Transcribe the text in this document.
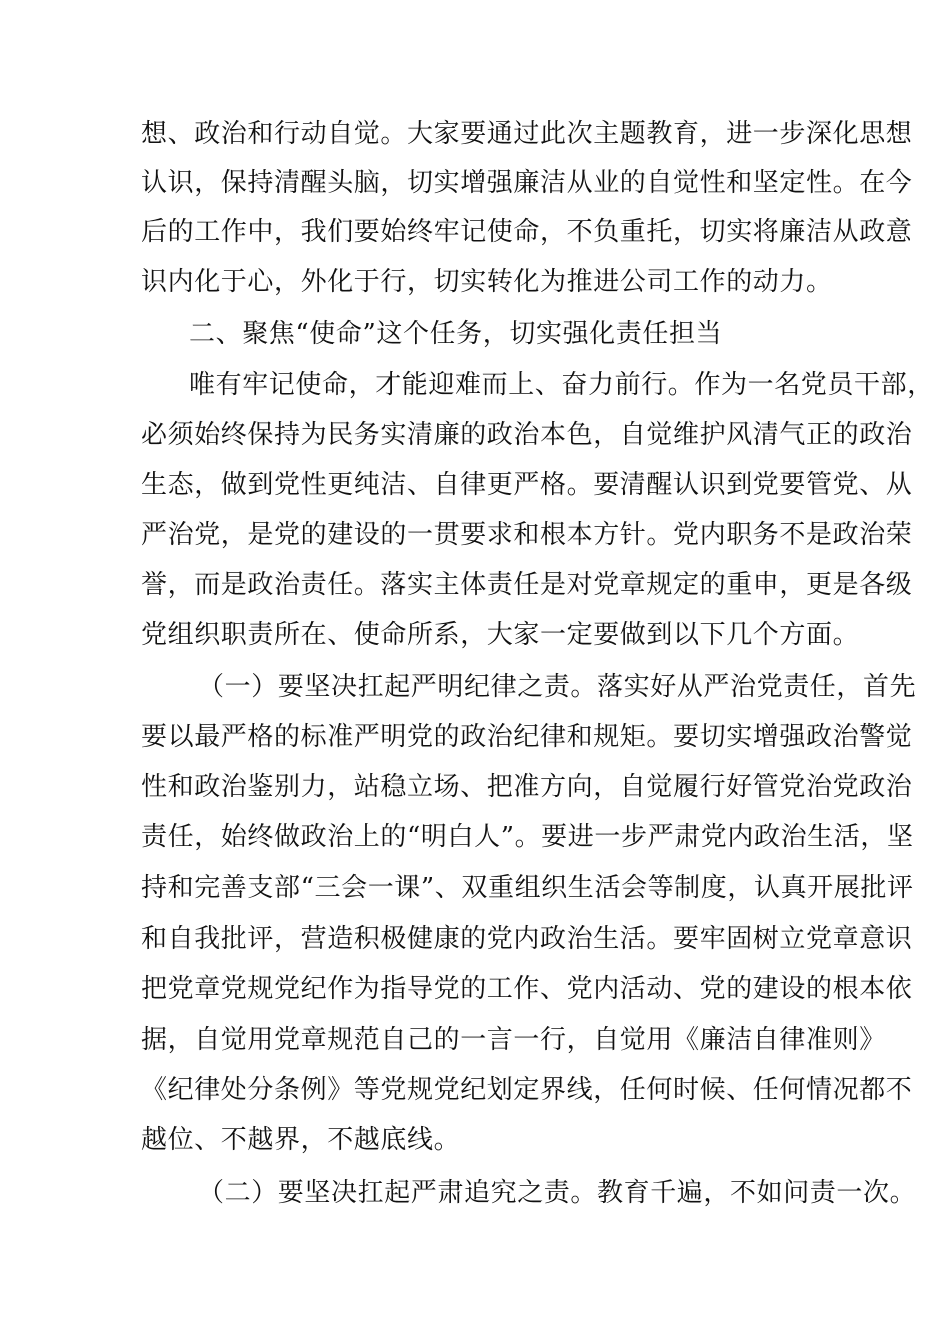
想、政治和行动自觉。大家要通过此次主题教育，进一步深化思想
认识，保持清醒头脑，切实增强廉洁从业的自觉性和坚定性。在今
后的工作中，我们要始终牢记使命，不负重托，切实将廉洁从政意
识内化于心，外化于行，切实转化为推进公司工作的动力。
二、聚焦“使命”这个任务，切实强化责任担当
唯有牢记使命，才能迎难而上、奋力前行。作为一名党员干部，
必须始终保持为民务实清廉的政治本色，自觉维护风清气正的政治
生态，做到党性更纯洁、自律更严格。要清醒认识到党要管党、从
严治党，是党的建设的一贯要求和根本方针。党内职务不是政治荣
誉，而是政治责任。落实主体责任是对党章规定的重申，更是各级
党组织职责所在、使命所系，大家一定要做到以下几个方面。
（一）要坚决扛起严明纪律之责。落实好从严治党责任，首先
要以最严格的标准严明党的政治纪律和规矩。要切实增强政治警觉
性和政治鉴别力，站稳立场、把准方向，自觉履行好管党治党政治
责任，始终做政治上的“明白人”。要进一步严肃党内政治生活，坚
持和完善支部“三会一课”、双重组织生活会等制度，认真开展批评
和自我批评，营造积极健康的党内政治生活。要牢固树立党章意识
把党章党规党纪作为指导党的工作、党内活动、党的建设的根本依
据，自觉用党章规范自己的一言一行，自觉用《廉洁自律准则》
《纪律处分条例》等党规党纪划定界线，任何时候、任何情况都不
越位、不越界，不越底线。
（二）要坚决扛起严肃追究之责。教育千遍，不如问责一次。
